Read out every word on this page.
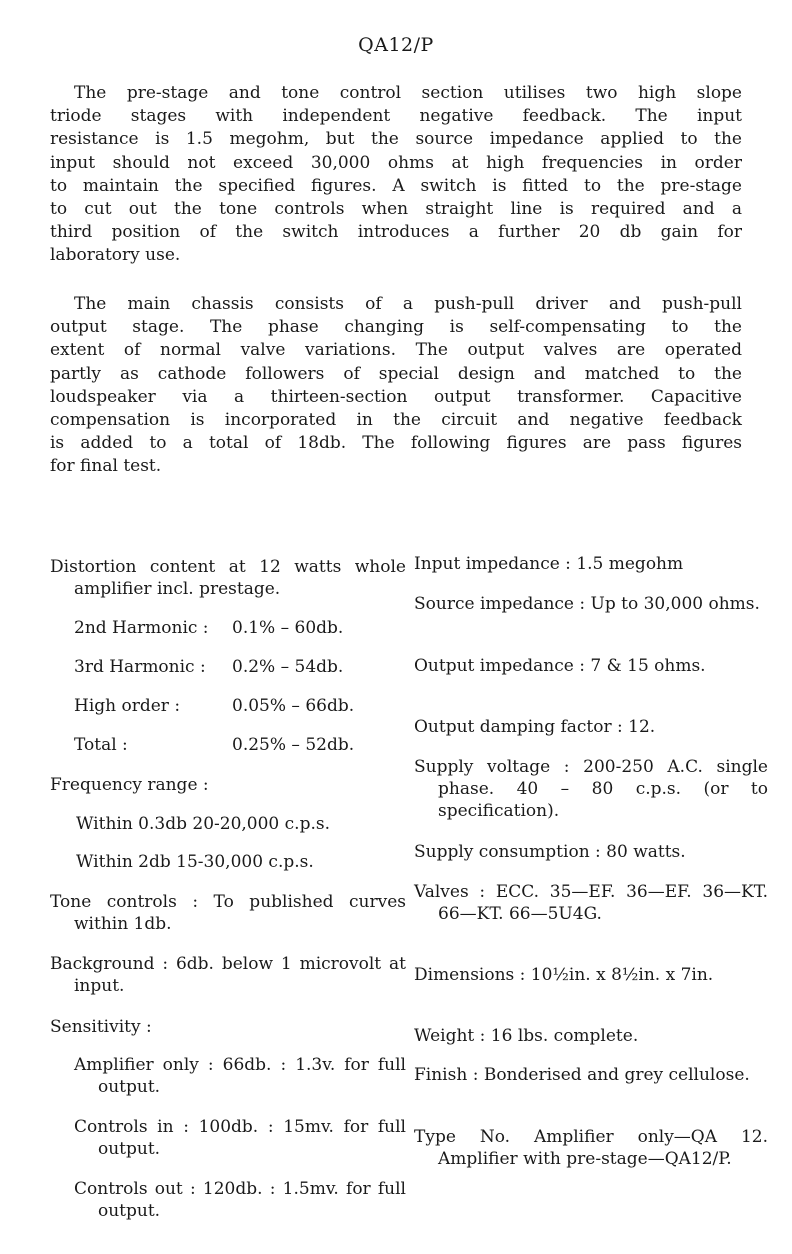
QA12/P
The pre-stage and tone control section utilises two high slope
triode stages with independent negative feedback. The input
resistance is 1.5 megohm, but the source impedance applied to the
input should not exceed 30,000 ohms at high frequencies in order
to maintain the specified figures. A switch is fitted to the pre-stage
to cut out the tone controls when straight line is required and a
third position of the switch introduces a further 20 db gain for
laboratory use.
The main chassis consists of a push-pull driver and push-pull
output stage. The phase changing is self-compensating to the
extent of normal valve variations. The output valves are operated
partly as cathode followers of special design and matched to the
loudspeaker via a thirteen-section output transformer. Capacitive
compensation is incorporated in the circuit and negative feedback
is added to a total of 18db. The following figures are pass figures
for final test.
Distortion content at 12 watts whole amplifier incl. prestage.
2nd Harmonic :	0.1% – 60db.
3rd Harmonic :	0.2% – 54db.
High order :	0.05% – 66db.
Total :	0.25% – 52db.
Frequency range :
Within 0.3db 20-20,000 c.p.s.
Within 2db 15-30,000 c.p.s.
Tone controls : To published curves within 1db.
Background : 6db. below 1 microvolt at input.
Sensitivity :
Amplifier only : 66db. : 1.3v. for full output.
Controls in : 100db. : 15mv. for full output.
Controls out : 120db. : 1.5mv. for full output.
Input impedance : 1.5 megohm
Source impedance : Up to 30,000 ohms.
Output impedance : 7 & 15 ohms.
Output damping factor : 12.
Supply voltage : 200-250 A.C. single phase. 40 – 80 c.p.s. (or to specification).
Supply consumption : 80 watts.
Valves : ECC. 35—EF. 36—EF. 36—KT. 66—KT. 66—5U4G.
Dimensions : 10½in. x 8½in. x 7in.
Weight : 16 lbs. complete.
Finish : Bonderised and grey cellulose.
Type No. Amplifier only—QA 12. Amplifier with pre-stage—QA12/P.
